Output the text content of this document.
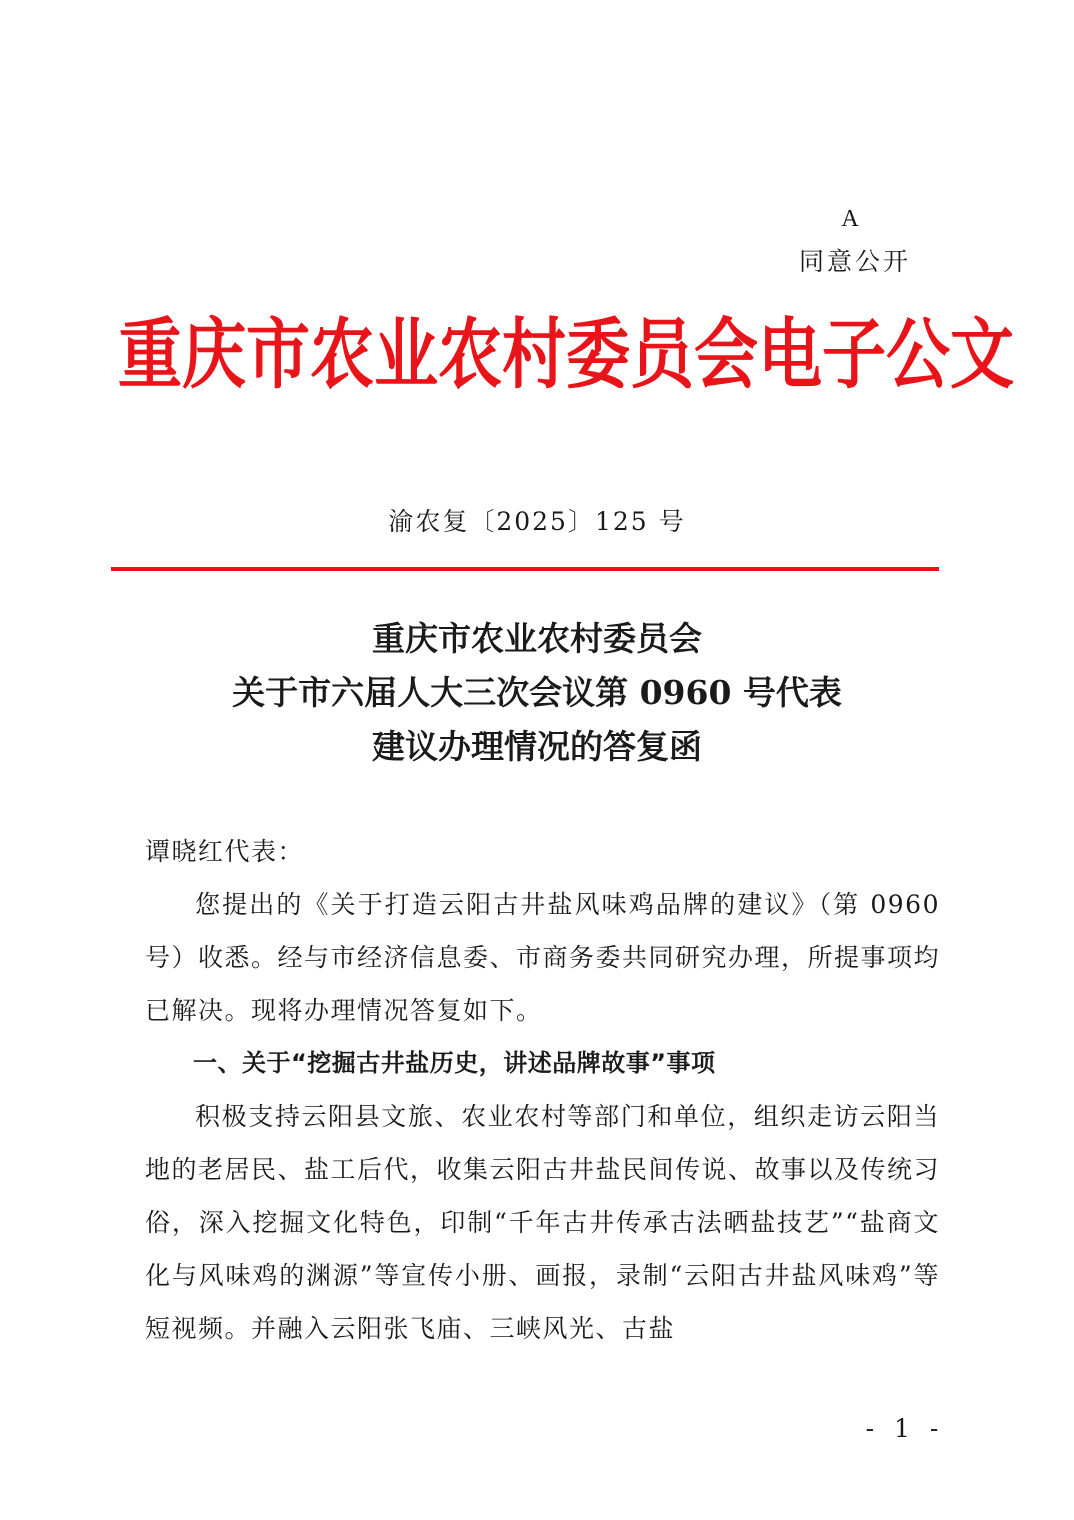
A
同意公开
重庆市农业农村委员会电子公文
渝农复〔2025〕125 号
重庆市农业农村委员会
关于市六届人大三次会议第 0960 号代表
建议办理情况的答复函

谭晓红代表：

您提出的《关于打造云阳古井盐风味鸡品牌的建议》（第 0960 号）收悉。经与市经济信息委、市商务委共同研究办理，所提事项均已解决。现将办理情况答复如下。

一、关于“挖掘古井盐历史，讲述品牌故事”事项

积极支持云阳县文旅、农业农村等部门和单位，组织走访云阳当地的老居民、盐工后代，收集云阳古井盐民间传说、故事以及传统习俗，深入挖掘文化特色，印制“千年古井传承古法晒盐技艺”“盐商文化与风味鸡的渊源”等宣传小册、画报，录制“云阳古井盐风味鸡”等短视频。并融入云阳张飞庙、三峡风光、古盐

- 1 -
